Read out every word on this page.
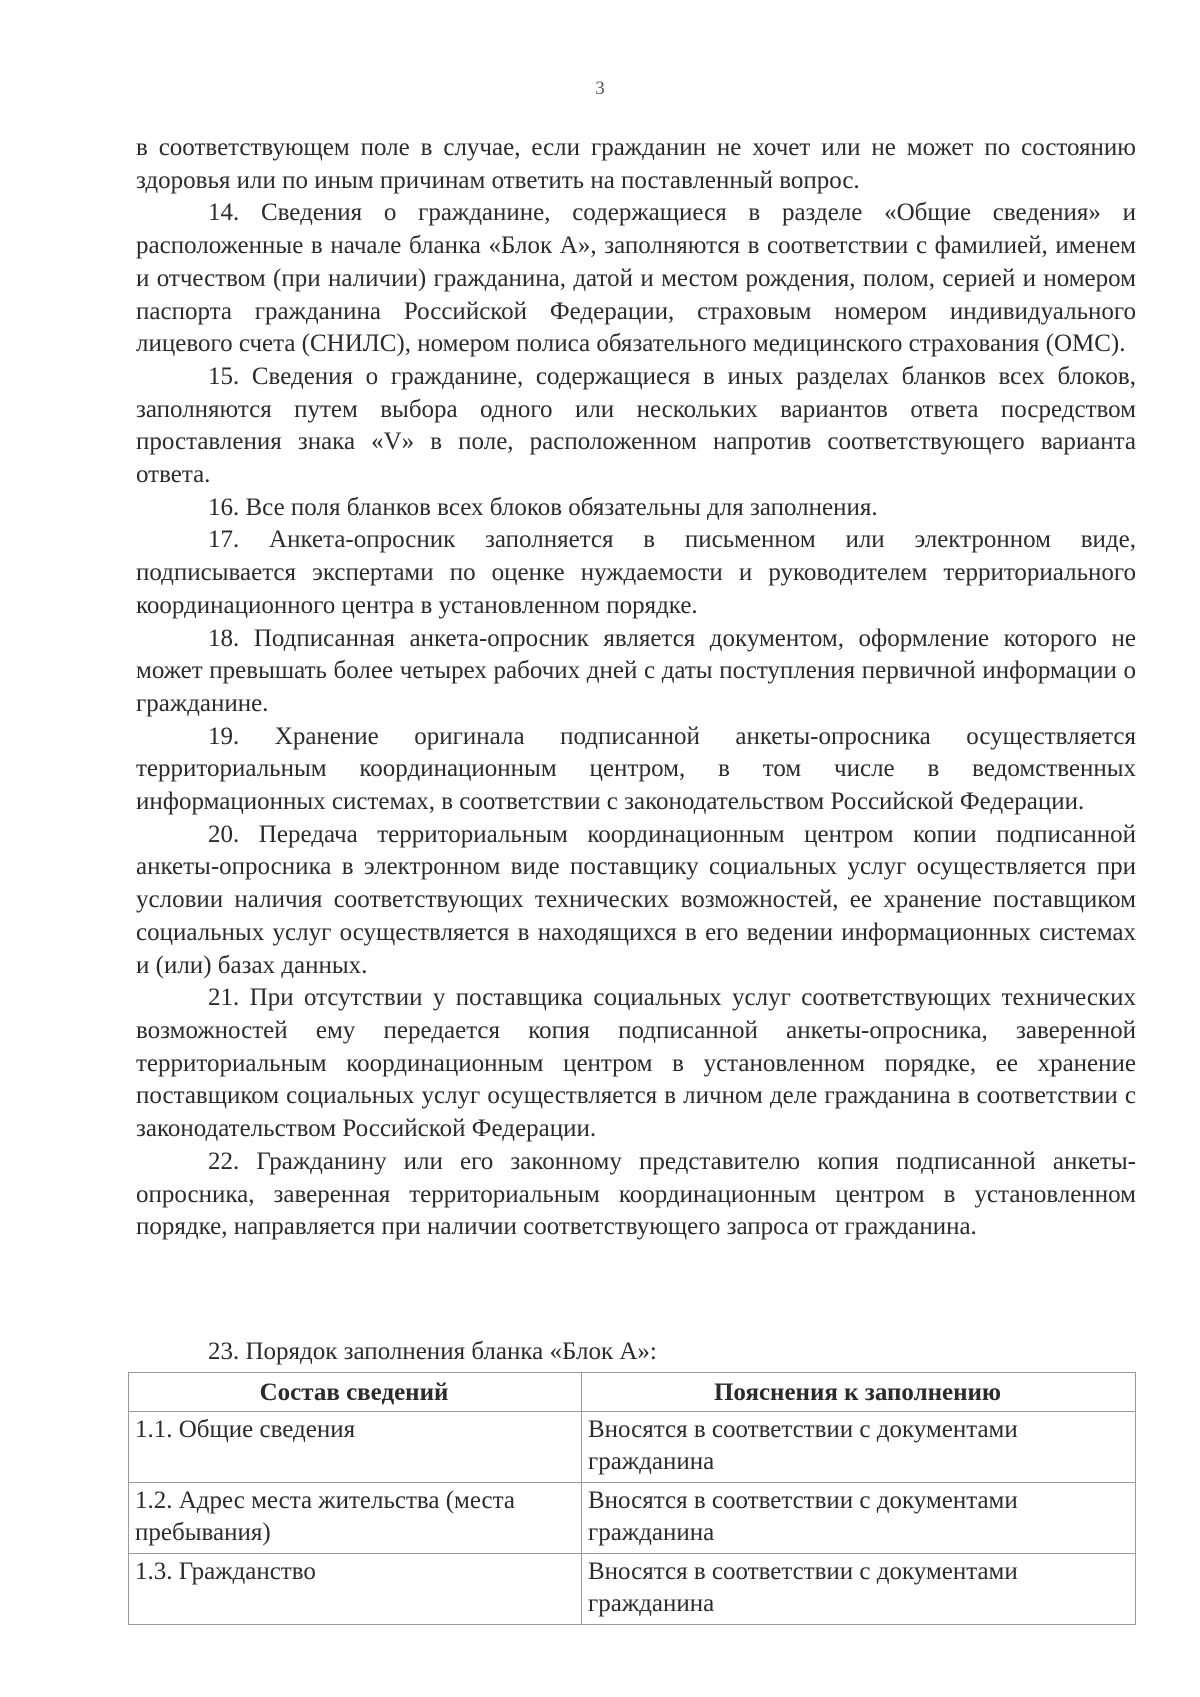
3

в соответствующем поле в случае, если гражданин не хочет или не может по состоянию здоровья или по иным причинам ответить на поставленный вопрос.

14. Сведения о гражданине, содержащиеся в разделе «Общие сведения» и расположенные в начале бланка «Блок А», заполняются в соответствии с фамилией, именем и отчеством (при наличии) гражданина, датой и местом рождения, полом, серией и номером паспорта гражданина Российской Федерации, страховым номером индивидуального лицевого счета (СНИЛС), номером полиса обязательного медицинского страхования (ОМС).

15. Сведения о гражданине, содержащиеся в иных разделах бланков всех блоков, заполняются путем выбора одного или нескольких вариантов ответа посредством проставления знака «V» в поле, расположенном напротив соответствующего варианта ответа.

16. Все поля бланков всех блоков обязательны для заполнения.

17. Анкета-опросник заполняется в письменном или электронном виде, подписывается экспертами по оценке нуждаемости и руководителем территориального координационного центра в установленном порядке.

18. Подписанная анкета-опросник является документом, оформление которого не может превышать более четырех рабочих дней с даты поступления первичной информации о гражданине.

19. Хранение оригинала подписанной анкеты-опросника осуществляется территориальным координационным центром, в том числе в ведомственных информационных системах, в соответствии с законодательством Российской Федерации.

20. Передача территориальным координационным центром копии подписанной анкеты-опросника в электронном виде поставщику социальных услуг осуществляется при условии наличия соответствующих технических возможностей, ее хранение поставщиком социальных услуг осуществляется в находящихся в его ведении информационных системах и (или) базах данных.

21. При отсутствии у поставщика социальных услуг соответствующих технических возможностей ему передается копия подписанной анкеты-опросника, заверенной территориальным координационным центром в установленном порядке, ее хранение поставщиком социальных услуг осуществляется в личном деле гражданина в соответствии с законодательством Российской Федерации.

22. Гражданину или его законному представителю копия подписанной анкеты- опросника, заверенная территориальным координационным центром в установленном порядке, направляется при наличии соответствующего запроса от гражданина.

23. Порядок заполнения бланка «Блок А»:
Состав сведений	Пояснения к заполнению
1.1. Общие сведения	Вносятся в соответствии с документами гражданина
1.2. Адрес места жительства (места пребывания)	Вносятся в соответствии с документами гражданина
1.3. Гражданство	Вносятся в соответствии с документами гражданина
